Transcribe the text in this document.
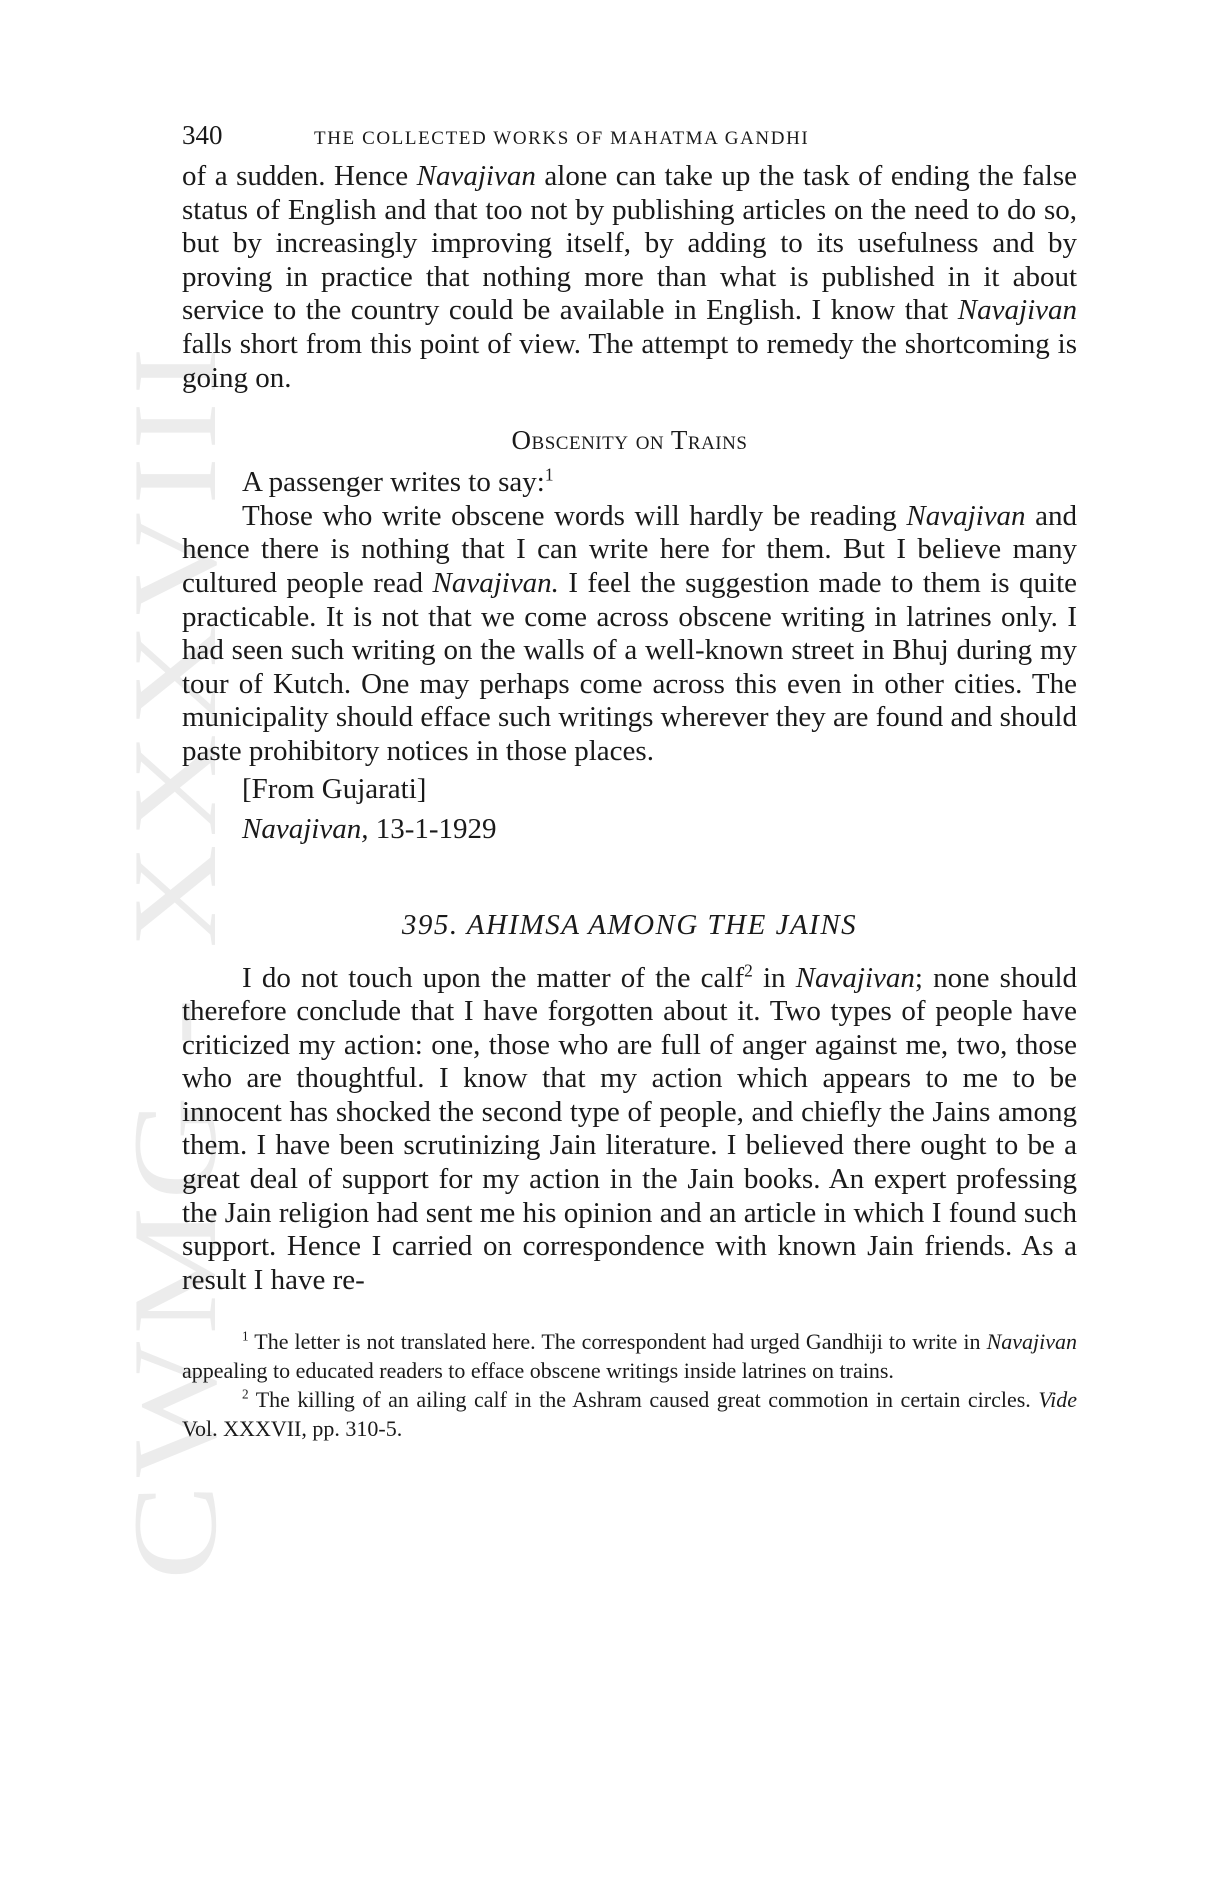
CWMG XXXVIII
340	THE COLLECTED WORKS OF MAHATMA GANDHI

of a sudden. Hence Navajivan alone can take up the task of ending the false status of English and that too not by publishing articles on the need to do so, but by increasingly improving itself, by adding to its usefulness and by proving in practice that nothing more than what is published in it about service to the country could be available in English. I know that Navajivan falls short from this point of view. The attempt to remedy the shortcoming is going on.

Obscenity on Trains

A passenger writes to say:$^1$

Those who write obscene words will hardly be reading Navajivan and hence there is nothing that I can write here for them. But I believe many cultured people read Navajivan. I feel the suggestion made to them is quite practicable. It is not that we come across obscene writing in latrines only. I had seen such writing on the walls of a well-known street in Bhuj during my tour of Kutch. One may perhaps come across this even in other cities. The municipality should efface such writings wherever they are found and should paste prohibitory notices in those places.

[From Gujarati]
Navajivan, 13-1-1929
395. AHIMSA AMONG THE JAINS

I do not touch upon the matter of the calf$^2$ in Navajivan; none should therefore conclude that I have forgotten about it. Two types of people have criticized my action: one, those who are full of anger against me, two, those who are thoughtful. I know that my action which appears to me to be innocent has shocked the second type of people, and chiefly the Jains among them. I have been scrutinizing Jain literature. I believed there ought to be a great deal of support for my action in the Jain books. An expert professing the Jain religion had sent me his opinion and an article in which I found such support. Hence I carried on correspondence with known Jain friends. As a result I have re-

$^1$ The letter is not translated here. The correspondent had urged Gandhiji to write in Navajivan appealing to educated readers to efface obscene writings inside latrines on trains.

$^2$ The killing of an ailing calf in the Ashram caused great commotion in certain circles. Vide Vol. XXXVII, pp. 310-5.
